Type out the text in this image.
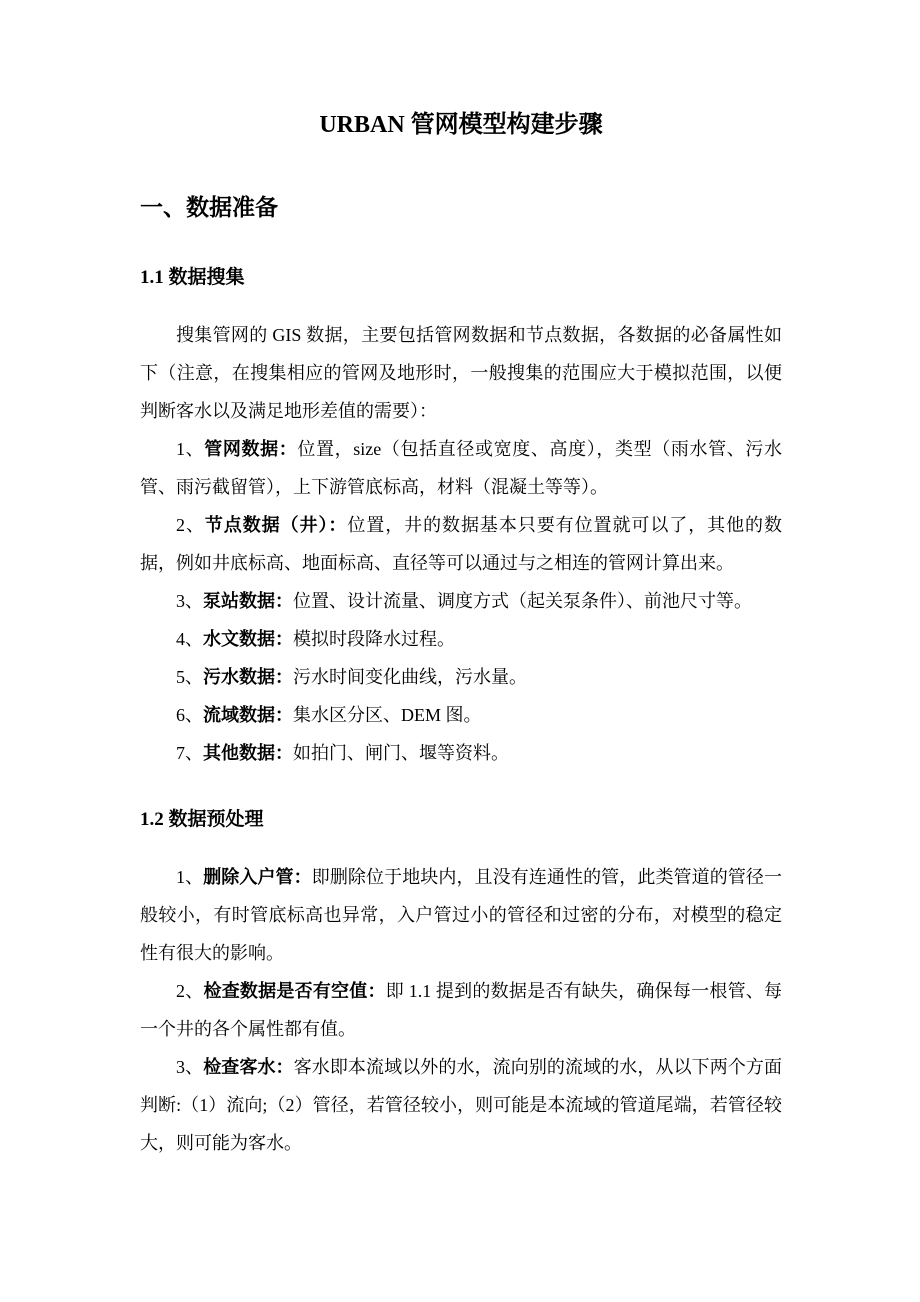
URBAN 管网模型构建步骤
一、数据准备
1.1 数据搜集

搜集管网的 GIS 数据，主要包括管网数据和节点数据，各数据的必备属性如下（注意，在搜集相应的管网及地形时，一般搜集的范围应大于模拟范围，以便判断客水以及满足地形差值的需要）：

1、管网数据：位置，size（包括直径或宽度、高度），类型（雨水管、污水管、雨污截留管），上下游管底标高，材料（混凝土等等）。

2、节点数据（井）：位置，井的数据基本只要有位置就可以了，其他的数据，例如井底标高、地面标高、直径等可以通过与之相连的管网计算出来。

3、泵站数据：位置、设计流量、调度方式（起关泵条件）、前池尺寸等。

4、水文数据：模拟时段降水过程。

5、污水数据：污水时间变化曲线，污水量。

6、流域数据：集水区分区、DEM 图。

7、其他数据：如拍门、闸门、堰等资料。

1.2 数据预处理

1、删除入户管：即删除位于地块内，且没有连通性的管，此类管道的管径一般较小，有时管底标高也异常，入户管过小的管径和过密的分布，对模型的稳定性有很大的影响。

2、检查数据是否有空值：即 1.1 提到的数据是否有缺失，确保每一根管、每一个井的各个属性都有值。

3、检查客水：客水即本流域以外的水，流向别的流域的水，从以下两个方面判断:（1）流向;（2）管径，若管径较小，则可能是本流域的管道尾端，若管径较大，则可能为客水。
